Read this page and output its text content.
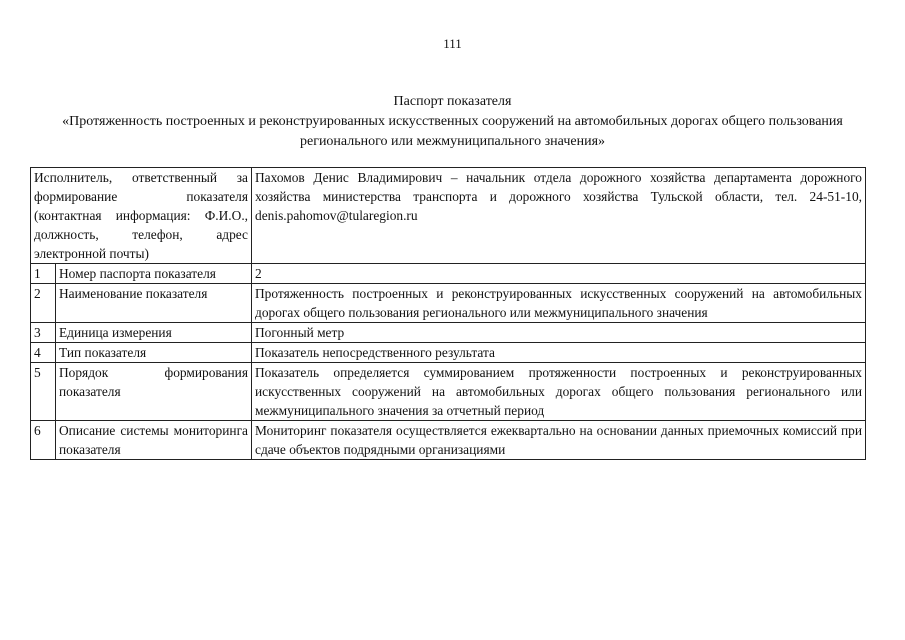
111
Паспорт показателя
«Протяженность построенных и реконструированных искусственных сооружений на автомобильных дорогах общего пользования регионального или межмуниципального значения»
Исполнитель, ответственный за формирование показателя (контактная информация: Ф.И.О., должность, телефон, адрес электронной почты)		Пахомов Денис Владимирович – начальник отдела дорожного хозяйства департамента дорожного хозяйства министерства транспорта и дорожного хозяйства Тульской области, тел. 24-51-10, denis.pahomov@tularegion.ru
1	Номер паспорта показателя	2
2	Наименование показателя	Протяженность построенных и реконструированных искусственных сооружений на автомобильных дорогах общего пользования регионального или межмуниципального значения
3	Единица измерения	Погонный метр
4	Тип показателя	Показатель непосредственного результата
5	Порядок формирования показателя	Показатель определяется суммированием протяженности построенных и реконструированных искусственных сооружений на автомобильных дорогах общего пользования регионального или межмуниципального значения за отчетный период
6	Описание системы мониторинга показателя	Мониторинг показателя осуществляется ежеквартально на основании данных приемочных комиссий при сдаче объектов подрядными организациями
